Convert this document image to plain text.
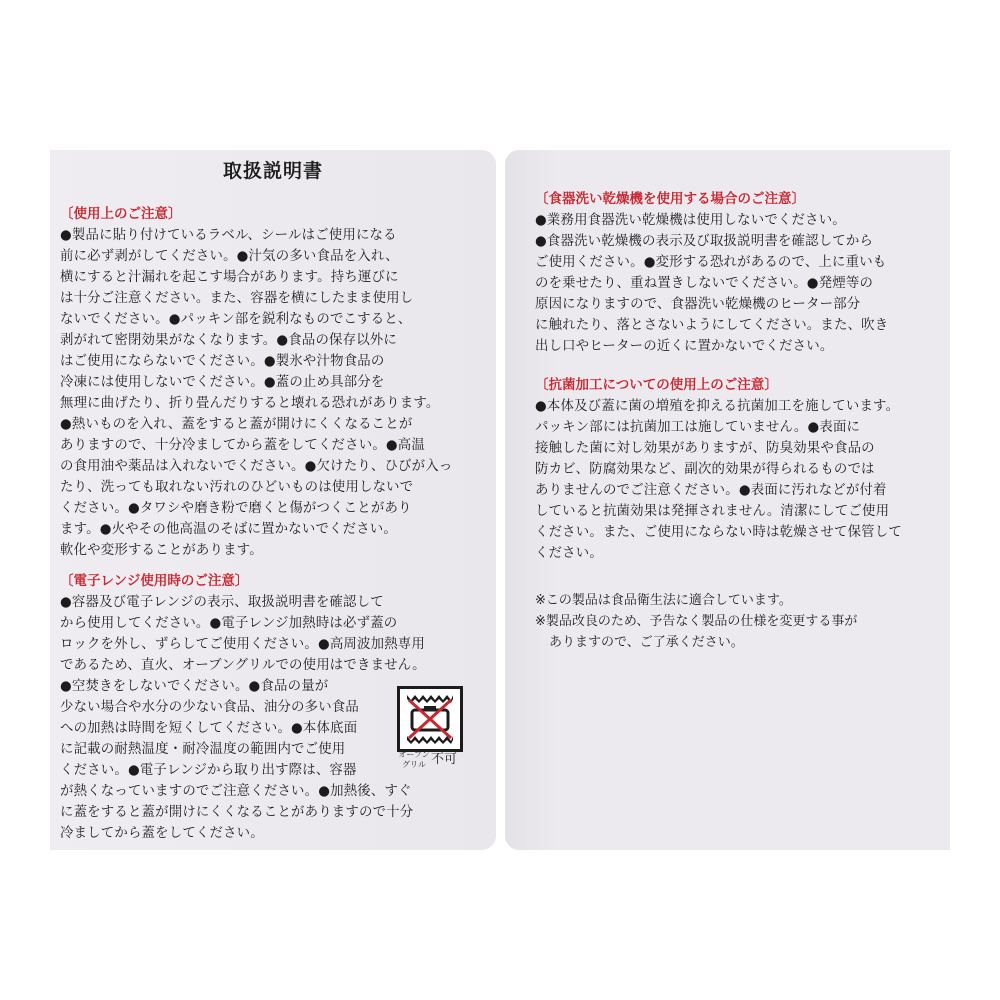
取扱説明書
〔使用上のご注意〕
●製品に貼り付けているラベル、シールはご使用になる
前に必ず剥がしてください。●汁気の多い食品を入れ、
横にすると汁漏れを起こす場合があります。持ち運びに
は十分ご注意ください。また、容器を横にしたまま使用し
ないでください。●パッキン部を鋭利なものでこすると、
剥がれて密閉効果がなくなります。●食品の保存以外に
はご使用にならないでください。●製氷や汁物食品の
冷凍には使用しないでください。●蓋の止め具部分を
無理に曲げたり、折り畳んだりすると壊れる恐れがあります。
●熱いものを入れ、蓋をすると蓋が開けにくくなることが
ありますので、十分冷ましてから蓋をしてください。●高温
の食用油や薬品は入れないでください。●欠けたり、ひびが入っ
たり、洗っても取れない汚れのひどいものは使用しないで
ください。●タワシや磨き粉で磨くと傷がつくことがあり
ます。●火やその他高温のそばに置かないでください。
軟化や変形することがあります。
〔電子レンジ使用時のご注意〕
●容器及び電子レンジの表示、取扱説明書を確認して
から使用してください。●電子レンジ加熱時は必ず蓋の
ロックを外し、ずらしてご使用ください。●高周波加熱専用
であるため、直火、オーブングリルでの使用はできません。
●空焚きをしないでください。●食品の量が
少ない場合や水分の少ない食品、油分の多い食品
への加熱は時間を短くしてください。●本体底面
に記載の耐熱温度・耐冷温度の範囲内でご使用
ください。●電子レンジから取り出す際は、容器
が熱くなっていますのでご注意ください。●加熱後、すぐ
に蓋をすると蓋が開けにくくなることがありますので十分
冷ましてから蓋をしてください。
オーブン
グリル 不可
〔食器洗い乾燥機を使用する場合のご注意〕
●業務用食器洗い乾燥機は使用しないでください。
●食器洗い乾燥機の表示及び取扱説明書を確認してから
ご使用ください。●変形する恐れがあるので、上に重いも
のを乗せたり、重ね置きしないでください。●発煙等の
原因になりますので、食器洗い乾燥機のヒーター部分
に触れたり、落とさないようにしてください。また、吹き
出し口やヒーターの近くに置かないでください。
〔抗菌加工についての使用上のご注意〕
●本体及び蓋に菌の増殖を抑える抗菌加工を施しています。
パッキン部には抗菌加工は施していません。●表面に
接触した菌に対し効果がありますが、防臭効果や食品の
防カビ、防腐効果など、副次的効果が得られるものでは
ありませんのでご注意ください。●表面に汚れなどが付着
していると抗菌効果は発揮されません。清潔にしてご使用
ください。また、ご使用にならない時は乾燥させて保管して
ください。
※この製品は食品衛生法に適合しています。
※製品改良のため、予告なく製品の仕様を変更する事が
ありますので、ご了承ください。
